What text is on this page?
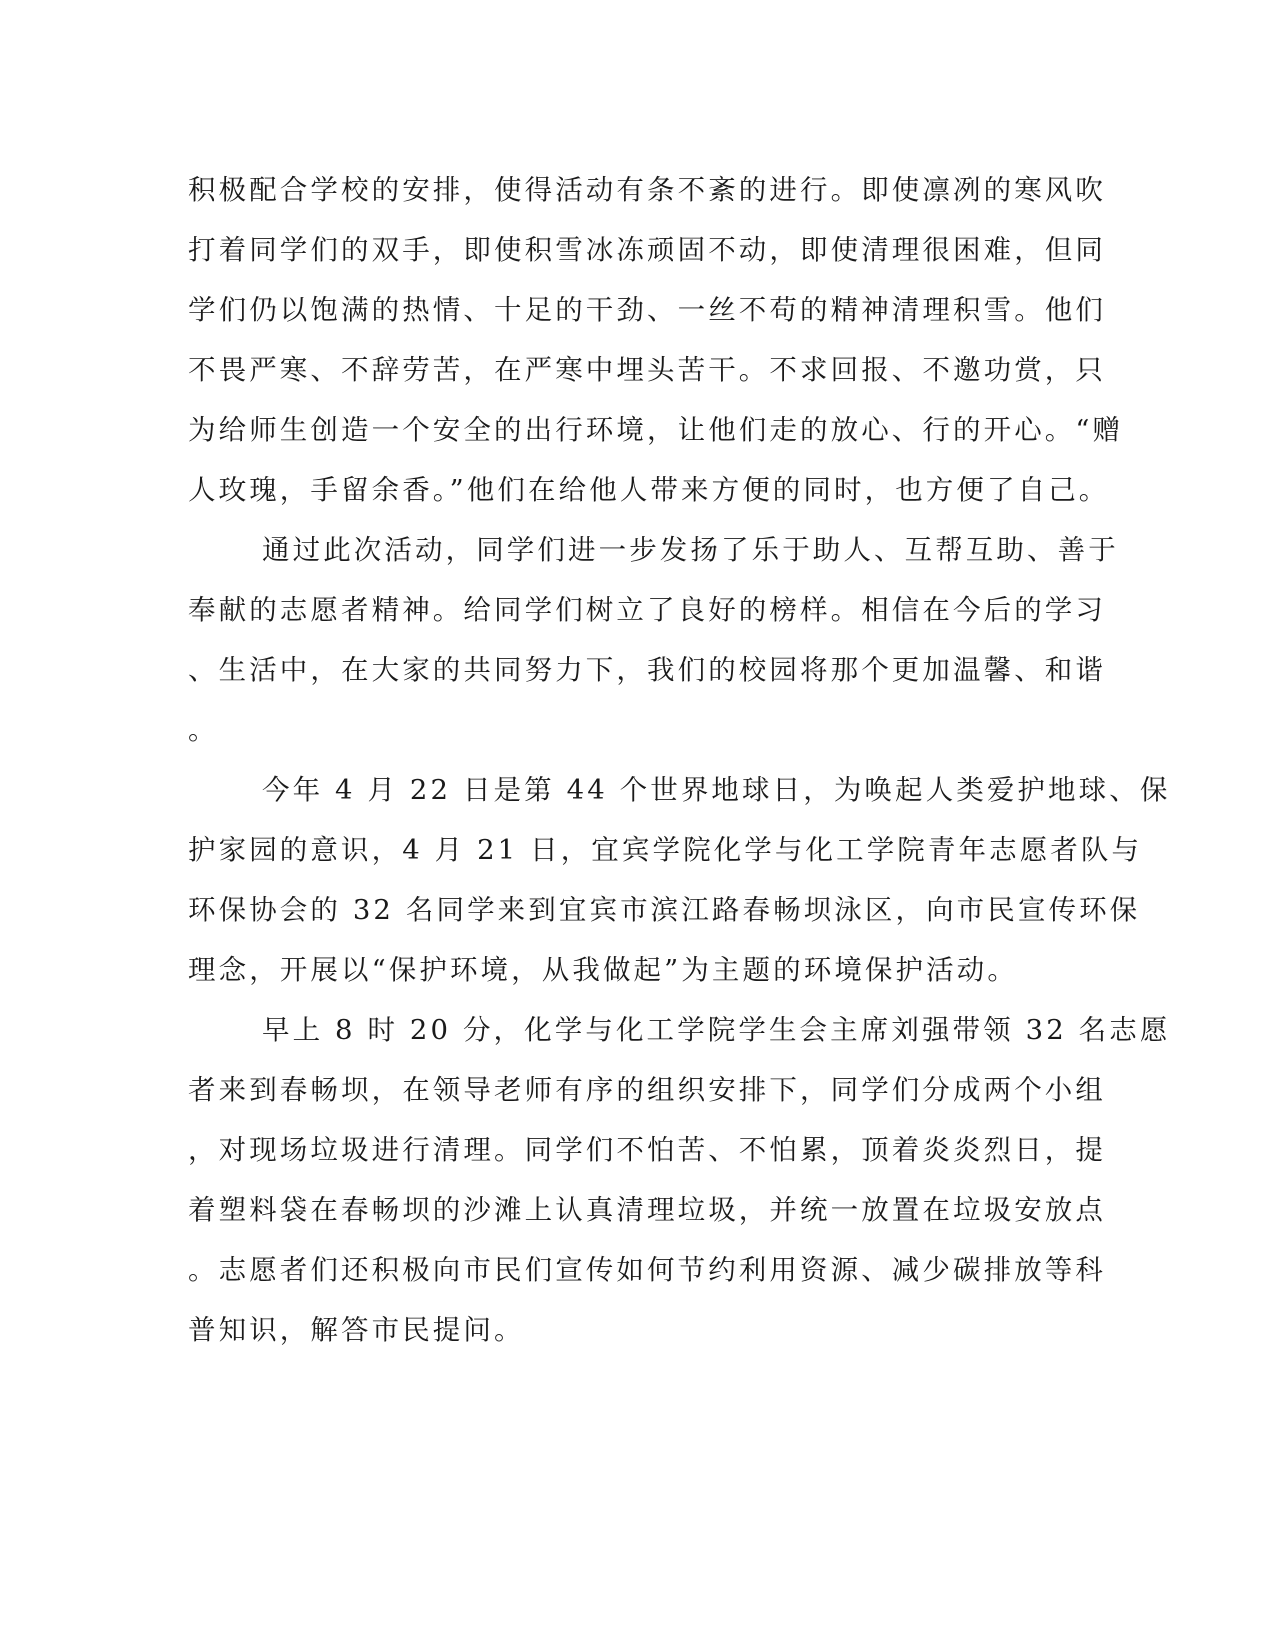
积极配合学校的安排，使得活动有条不紊的进行。即使凛冽的寒风吹
打着同学们的双手，即使积雪冰冻顽固不动，即使清理很困难，但同
学们仍以饱满的热情、十足的干劲、一丝不苟的精神清理积雪。他们
不畏严寒、不辞劳苦，在严寒中埋头苦干。不求回报、不邀功赏，只
为给师生创造一个安全的出行环境，让他们走的放心、行的开心。“赠
人玫瑰，手留余香。”他们在给他人带来方便的同时，也方便了自己。
通过此次活动，同学们进一步发扬了乐于助人、互帮互助、善于
奉献的志愿者精神。给同学们树立了良好的榜样。相信在今后的学习
、生活中，在大家的共同努力下，我们的校园将那个更加温馨、和谐
。
今年 4 月 22 日是第 44 个世界地球日，为唤起人类爱护地球、保
护家园的意识，4 月 21 日，宜宾学院化学与化工学院青年志愿者队与
环保协会的 32 名同学来到宜宾市滨江路春畅坝泳区，向市民宣传环保
理念，开展以“保护环境，从我做起”为主题的环境保护活动。
早上 8 时 20 分，化学与化工学院学生会主席刘强带领 32 名志愿
者来到春畅坝，在领导老师有序的组织安排下，同学们分成两个小组
，对现场垃圾进行清理。同学们不怕苦、不怕累，顶着炎炎烈日，提
着塑料袋在春畅坝的沙滩上认真清理垃圾，并统一放置在垃圾安放点
。志愿者们还积极向市民们宣传如何节约利用资源、减少碳排放等科
普知识，解答市民提问。
